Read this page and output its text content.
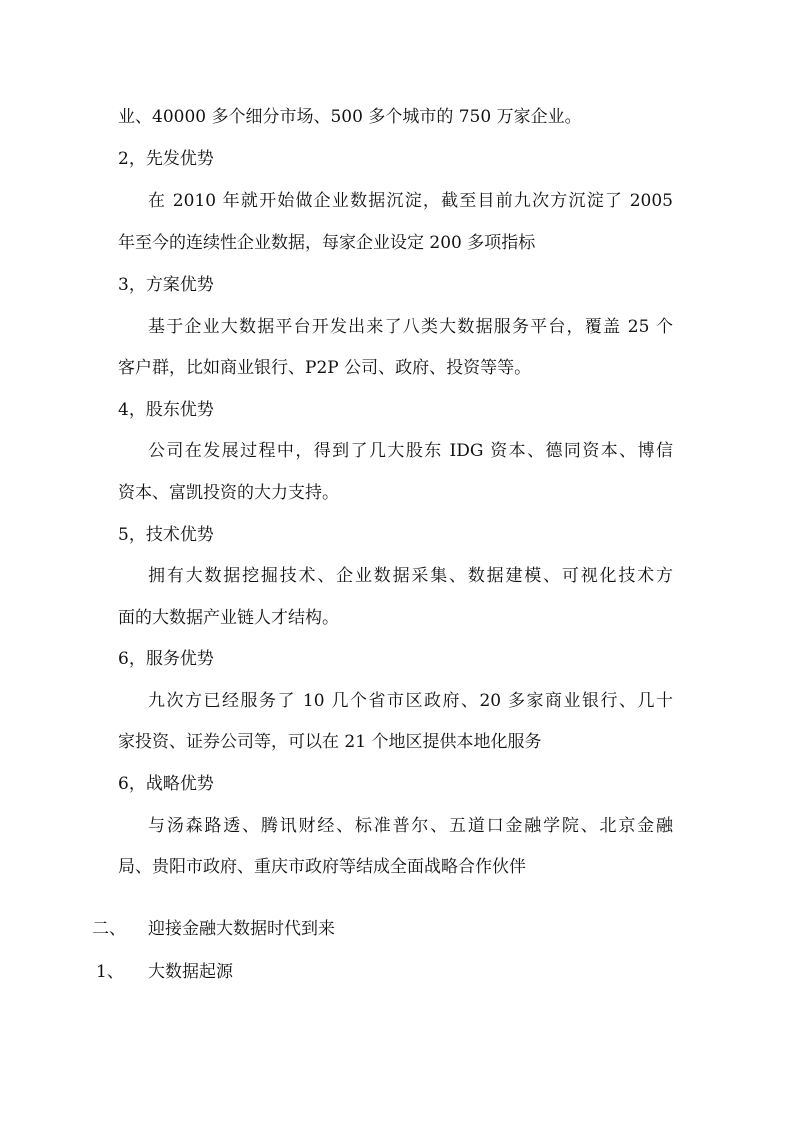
业、40000 多个细分市场、500 多个城市的 750 万家企业。
2，先发优势
在 2010 年就开始做企业数据沉淀，截至目前九次方沉淀了 2005
年至今的连续性企业数据，每家企业设定 200 多项指标
3，方案优势
基于企业大数据平台开发出来了八类大数据服务平台，覆盖 25 个
客户群，比如商业银行、P2P 公司、政府、投资等等。
4，股东优势
公司在发展过程中，得到了几大股东 IDG 资本、德同资本、博信
资本、富凯投资的大力支持。
5，技术优势
拥有大数据挖掘技术、企业数据采集、数据建模、可视化技术方
面的大数据产业链人才结构。
6，服务优势
九次方已经服务了 10 几个省市区政府、20 多家商业银行、几十
家投资、证券公司等，可以在 21 个地区提供本地化服务
6，战略优势
与汤森路透、腾讯财经、标准普尔、五道口金融学院、北京金融
局、贵阳市政府、重庆市政府等结成全面战略合作伙伴
二、 迎接金融大数据时代到来
1、 大数据起源
